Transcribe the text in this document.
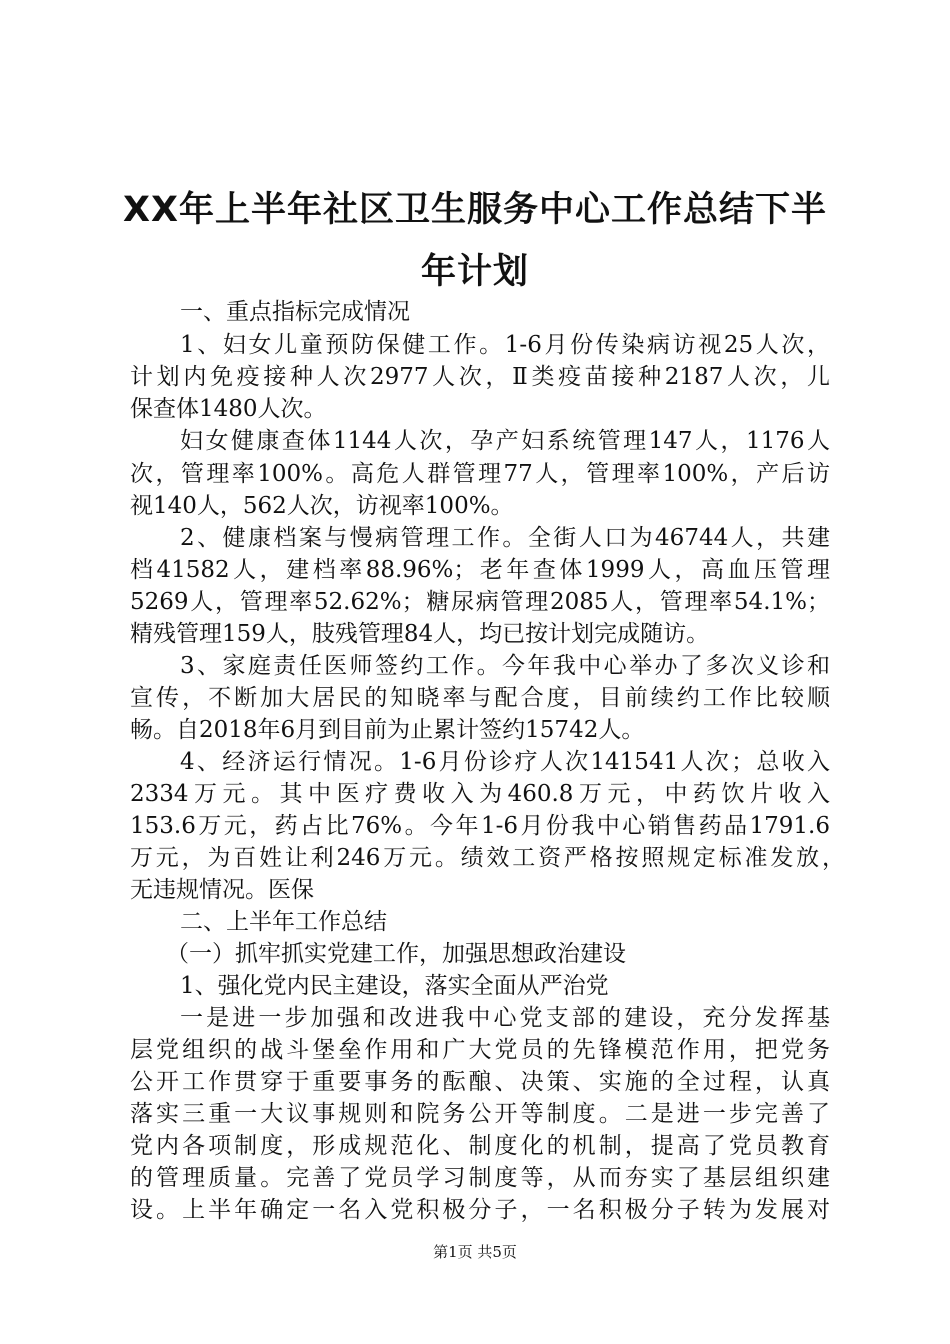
XX年上半年社区卫生服务中心工作总结下半
年计划

一、重点指标完成情况

1、妇女儿童预防保健工作。1-6月份传染病访视25人次，

计划内免疫接种人次2977人次，Ⅱ类疫苗接种2187人次，儿

保查体1480人次。

妇女健康查体1144人次，孕产妇系统管理147人，1176人

次，管理率100%。高危人群管理77人，管理率100%，产后访

视140人，562人次，访视率100%。

2、健康档案与慢病管理工作。全街人口为46744人，共建

档41582人，建档率88.96%；老年查体1999人，高血压管理

5269人，管理率52.62%；糖尿病管理2085人，管理率54.1%；

精残管理159人，肢残管理84人，均已按计划完成随访。

3、家庭责任医师签约工作。今年我中心举办了多次义诊和

宣传，不断加大居民的知晓率与配合度，目前续约工作比较顺

畅。自2018年6月到目前为止累计签约15742人。

4、经济运行情况。1-6月份诊疗人次141541人次；总收入

2334万元。其中医疗费收入为460.8万元，中药饮片收入

153.6万元，药占比76%。今年1-6月份我中心销售药品1791.6

万元，为百姓让利246万元。绩效工资严格按照规定标准发放，

无违规情况。医保

二、上半年工作总结

（一）抓牢抓实党建工作，加强思想政治建设

1、强化党内民主建设，落实全面从严治党

一是进一步加强和改进我中心党支部的建设，充分发挥基

层党组织的战斗堡垒作用和广大党员的先锋模范作用，把党务

公开工作贯穿于重要事务的酝酿、决策、实施的全过程，认真

落实三重一大议事规则和院务公开等制度。二是进一步完善了

党内各项制度，形成规范化、制度化的机制，提高了党员教育

的管理质量。完善了党员学习制度等，从而夯实了基层组织建

设。上半年确定一名入党积极分子，一名积极分子转为发展对

第1页 共5页
